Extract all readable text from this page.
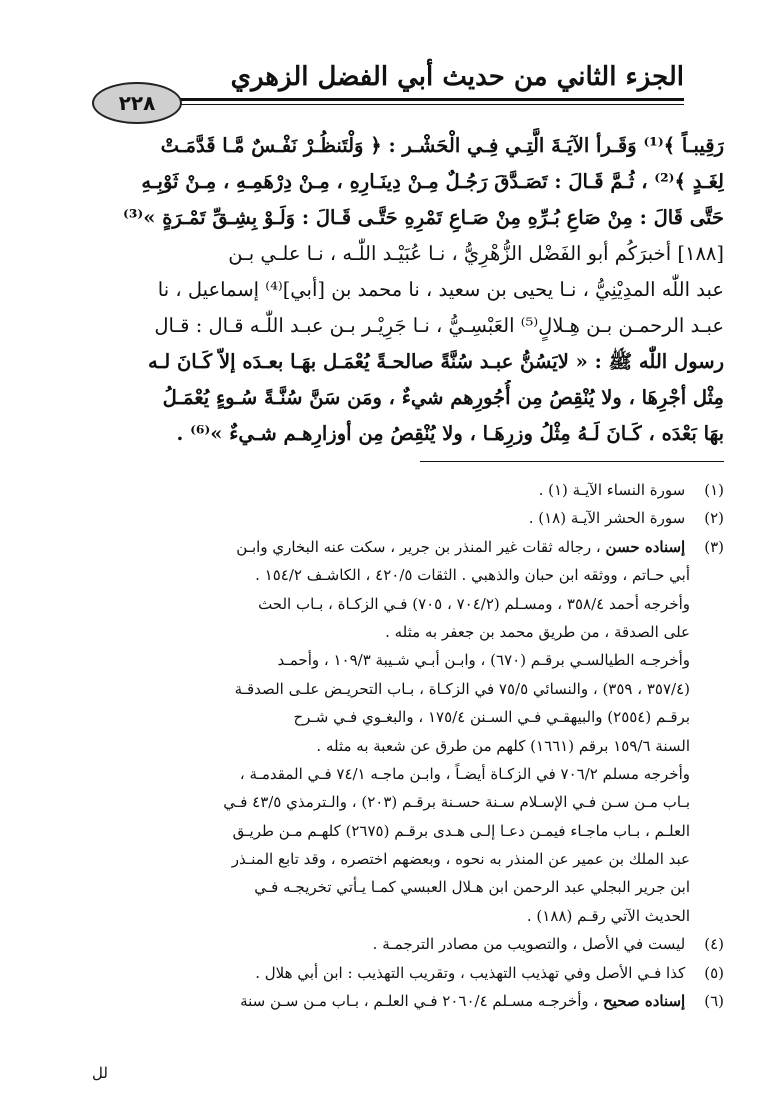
الجزء الثاني من حديث أبي الفضل الزهري
٢٢٨
رَقِيبـاً ﴾⁽¹⁾ وَقَـرأ الآيَـةَ الَّتِـي فِـي الْحَشْـر : ﴿ وَلْتَنظُـرْ نَفْـسٌ مَّـا قَدَّمَـتْ
لِغَـدٍ ﴾⁽²⁾ ، ثُـمَّ قَـالَ : تَصَـدَّقَ رَجُـلٌ مِـنْ دِينَـارِهِ ، مِـنْ دِرْهَمِـهِ ، مِـنْ ثَوْبِـهِ
حَتَّى قَالَ : مِنْ صَاعِ بُـرِّهِ مِنْ صَـاعِ تَمْرِهِ حَتَّـى قَـالَ : وَلَـوْ بِشِـقِّ تَمْـرَةٍ »⁽³⁾
[١٨٨] أخبرَكُم أبو الفَضْل الزُّهْرِيُّ ، نـا عُبَيْـد اللّٰـه ، نـا علـي بـن
عبد اللّٰه المدِيْنِيُّ ، نـا يحيى بن سعيد ، نا محمد بن [أبي]⁽⁴⁾ إسماعيل ، نا
عبـد الرحمـن بـن هِـلالٍ⁽⁵⁾ العَبْسِـيُّ ، نـا جَرِيْـر بـن عبـد اللّٰـه قـال : قـال
رسول اللّٰه ﷺ : « لايَسُنُّ عبـد سُنَّةً صالحـةً يُعْمَـل بهَـا بعـدَه إلاّ كَـانَ لـه
مِثْل أجْرِهَا ، ولا يُنْقِصُ مِن أُجُورِهم شيءٌ ، ومَن سَنَّ سُنَّـةً سُـوءٍ يُعْمَـلُ
بهَا بَعْدَه ، كَـانَ لَـهُ مِثْلُ وزرِهَـا ، ولا يُنْقِصُ مِن أوزارِهـم شـيءٌ »⁽⁶⁾ .
(١) سورة النساء الآيـة (١) .
(٢) سورة الحشر الآيـة (١٨) .
(٣) إسناده حسن ، رجاله ثقات غير المنذر بن جرير ، سكت عنه البخاري وابـن
أبي حـاتم ، ووثقه ابن حبان والذهبي . الثقات ٤٢٠/٥ ، الكاشـف ١٥٤/٢ .
وأخرجه أحمد ٣٥٨/٤ ، ومسـلم (٧٠٤/٢ ، ٧٠٥) فـي الزكـاة ، بـاب الحث
على الصدقة ، من طريق محمد بن جعفر به مثله .
وأخرجـه الطيالسـي برقـم (٦٧٠) ، وابـن أبـي شـيبة ١٠٩/٣ ، وأحمـد
(٣٥٧/٤ ، ٣٥٩) ، والنسائي ٧٥/٥ في الزكـاة ، بـاب التحريـض علـى الصدقـة
برقـم (٢٥٥٤) والبيهقـي فـي السـنن ١٧٥/٤ ، والبغـوي فـي شـرح
السنة ١٥٩/٦ برقم (١٦٦١) كلهم من طرق عن شعبة به مثله .
وأخرجه مسلم ٧٠٦/٢ في الزكـاة أيضـاً ، وابـن ماجـه ٧٤/١ فـي المقدمـة ،
بـاب مـن سـن فـي الإسـلام سـنة حسـنة برقـم (٢٠٣) ، والـترمذي ٤٣/٥ فـي
العلـم ، بـاب ماجـاء فيمـن دعـا إلـى هـدى برقـم (٢٦٧٥) كلهـم مـن طريـق
عبد الملك بن عمير عن المنذر به نحوه ، وبعضهم اختصره ، وقد تابع المنـذر
ابن جرير البجلي عبد الرحمن ابن هـلال العبسي كمـا يـأتي تخريجـه فـي
الحديث الآتي رقـم (١٨٨) .
(٤) ليست في الأصل ، والتصويب من مصادر الترجمـة .
(٥) كذا فـي الأصل وفي تهذيب التهذيب ، وتقريب التهذيب : ابن أبي هلال .
(٦) إسناده صحيح ، وأخرجـه مسـلم ٢٠٦٠/٤ فـي العلـم ، بـاب مـن سـن سنة
لل
